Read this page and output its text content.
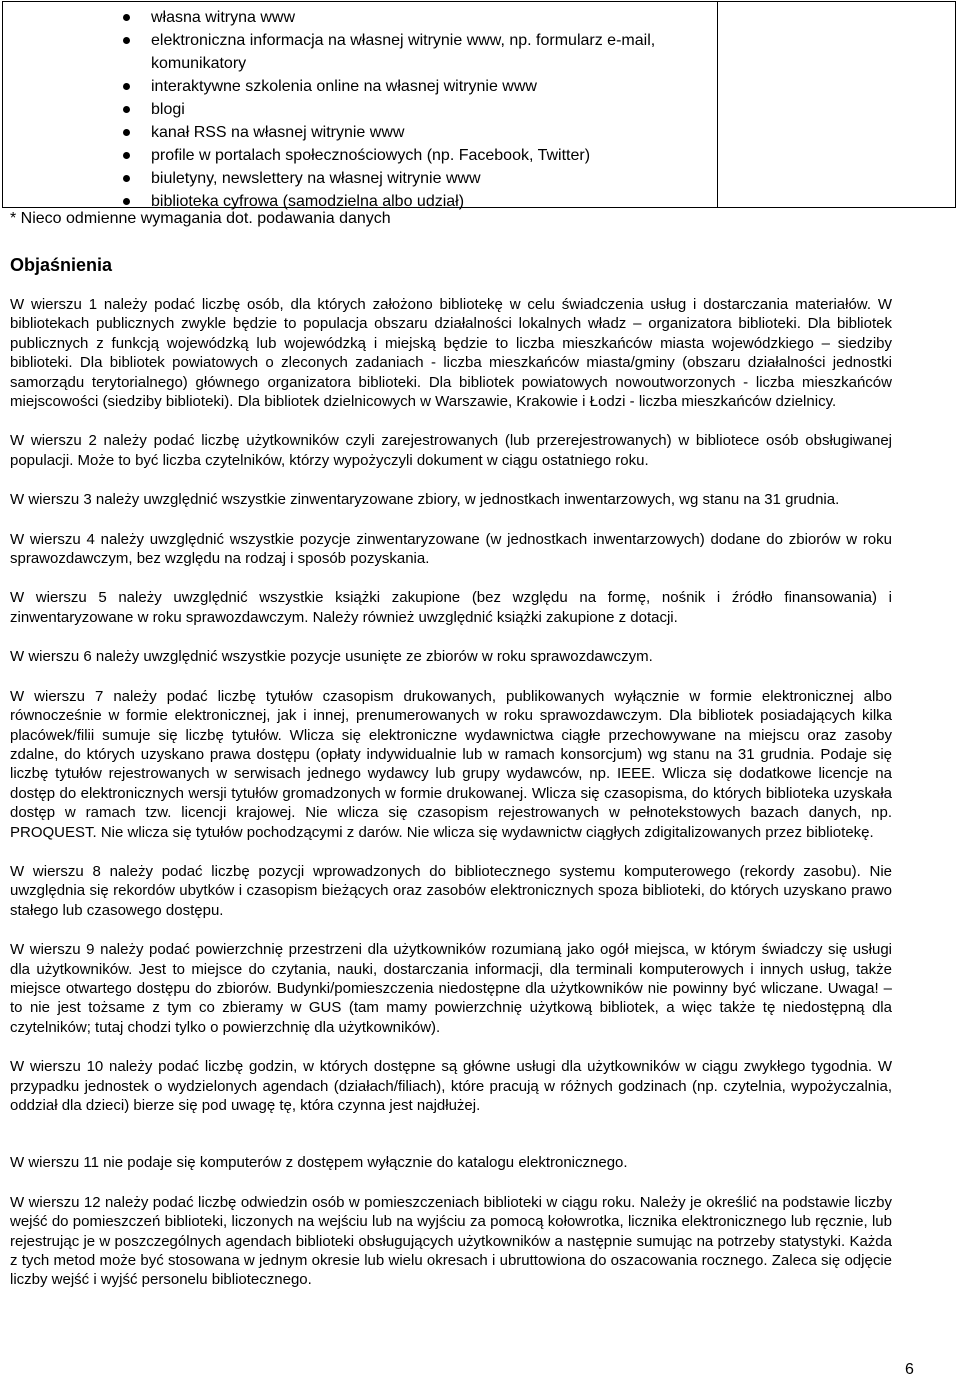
własna witryna www
elektroniczna informacja na własnej witrynie www, np. formularz e-mail, komunikatory
interaktywne szkolenia online na własnej witrynie www
blogi
kanał RSS na własnej witrynie www
profile w portalach społecznościowych (np. Facebook, Twitter)
biuletyny, newslettery na własnej witrynie www
biblioteka cyfrowa (samodzielna albo udział)
* Nieco odmienne wymagania dot. podawania danych
Objaśnienia

W wierszu 1 należy podać liczbę osób, dla których założono bibliotekę w celu świadczenia usług i dostarczania materiałów. W bibliotekach publicznych zwykle będzie to populacja obszaru działalności lokalnych władz – organizatora biblioteki. Dla bibliotek publicznych z funkcją wojewódzką lub wojewódzką i miejską będzie to liczba mieszkańców miasta wojewódzkiego – siedziby biblioteki. Dla bibliotek powiatowych o zleconych zadaniach - liczba mieszkańców miasta/gminy (obszaru działalności jednostki samorządu terytorialnego) głównego organizatora biblioteki. Dla bibliotek powiatowych nowoutworzonych - liczba mieszkańców miejscowości (siedziby biblioteki). Dla bibliotek dzielnicowych w Warszawie, Krakowie i Łodzi - liczba mieszkańców dzielnicy.

W wierszu 2 należy podać liczbę użytkowników czyli zarejestrowanych (lub przerejestrowanych) w bibliotece osób obsługiwanej populacji. Może to być liczba czytelników, którzy wypożyczyli dokument w ciągu ostatniego roku.

W wierszu 3 należy uwzględnić wszystkie zinwentaryzowane zbiory, w jednostkach inwentarzowych, wg stanu na 31 grudnia.

W wierszu 4 należy uwzględnić wszystkie pozycje zinwentaryzowane (w jednostkach inwentarzowych) dodane do zbiorów w roku sprawozdawczym, bez względu na rodzaj i sposób pozyskania.

W wierszu 5 należy uwzględnić wszystkie książki zakupione (bez względu na formę, nośnik i źródło finansowania) i zinwentaryzowane w roku sprawozdawczym. Należy również uwzględnić książki zakupione z dotacji.

W wierszu 6 należy uwzględnić wszystkie pozycje usunięte ze zbiorów w roku sprawozdawczym.

W wierszu 7 należy podać liczbę tytułów czasopism drukowanych, publikowanych wyłącznie w formie elektronicznej albo równocześnie w formie elektronicznej, jak i innej, prenumerowanych w roku sprawozdawczym. Dla bibliotek posiadających kilka placówek/filii sumuje się liczbę tytułów. Wlicza się elektroniczne wydawnictwa ciągłe przechowywane na miejscu oraz zasoby zdalne, do których uzyskano prawa dostępu (opłaty indywidualnie lub w ramach konsorcjum) wg stanu na 31 grudnia. Podaje się liczbę tytułów rejestrowanych w serwisach jednego wydawcy lub grupy wydawców, np. IEEE. Wlicza się dodatkowe licencje na dostęp do elektronicznych wersji tytułów gromadzonych w formie drukowanej. Wlicza się czasopisma, do których biblioteka uzyskała dostęp w ramach tzw. licencji krajowej. Nie wlicza się czasopism rejestrowanych w pełnotekstowych bazach danych, np. PROQUEST. Nie wlicza się tytułów pochodzącymi z darów. Nie wlicza się wydawnictw ciągłych zdigitalizowanych przez bibliotekę.

W wierszu 8 należy podać liczbę pozycji wprowadzonych do bibliotecznego systemu komputerowego (rekordy zasobu). Nie uwzględnia się rekordów ubytków i czasopism bieżących oraz zasobów elektronicznych spoza biblioteki, do których uzyskano prawo stałego lub czasowego dostępu.

W wierszu 9 należy podać powierzchnię przestrzeni dla użytkowników rozumianą jako ogół miejsca, w którym świadczy się usługi dla użytkowników. Jest to miejsce do czytania, nauki, dostarczania informacji, dla terminali komputerowych i innych usług, także miejsce otwartego dostępu do zbiorów. Budynki/pomieszczenia niedostępne dla użytkowników nie powinny być wliczane. Uwaga! – to nie jest tożsame z tym co zbieramy w GUS (tam mamy powierzchnię użytkową bibliotek, a więc także tę niedostępną dla czytelników; tutaj chodzi tylko o powierzchnię dla użytkowników).

W wierszu 10 należy podać liczbę godzin, w których dostępne są główne usługi dla użytkowników w ciągu zwykłego tygodnia. W przypadku jednostek o wydzielonych agendach (działach/filiach), które pracują w różnych godzinach (np. czytelnia, wypożyczalnia, oddział dla dzieci) bierze się pod uwagę tę, która czynna jest najdłużej.

W wierszu 11 nie podaje się komputerów z dostępem wyłącznie do katalogu elektronicznego.

W wierszu 12 należy podać liczbę odwiedzin osób w pomieszczeniach biblioteki w ciągu roku. Należy je określić na podstawie liczby wejść do pomieszczeń biblioteki, liczonych na wejściu lub na wyjściu za pomocą kołowrotka, licznika elektronicznego lub ręcznie, lub rejestrując je w poszczególnych agendach biblioteki obsługujących użytkowników a następnie sumując na potrzeby statystyki. Każda z tych metod może być stosowana w jednym okresie lub wielu okresach i ubruttowiona do oszacowania rocznego. Zaleca się odjęcie liczby wejść i wyjść personelu bibliotecznego.

6
